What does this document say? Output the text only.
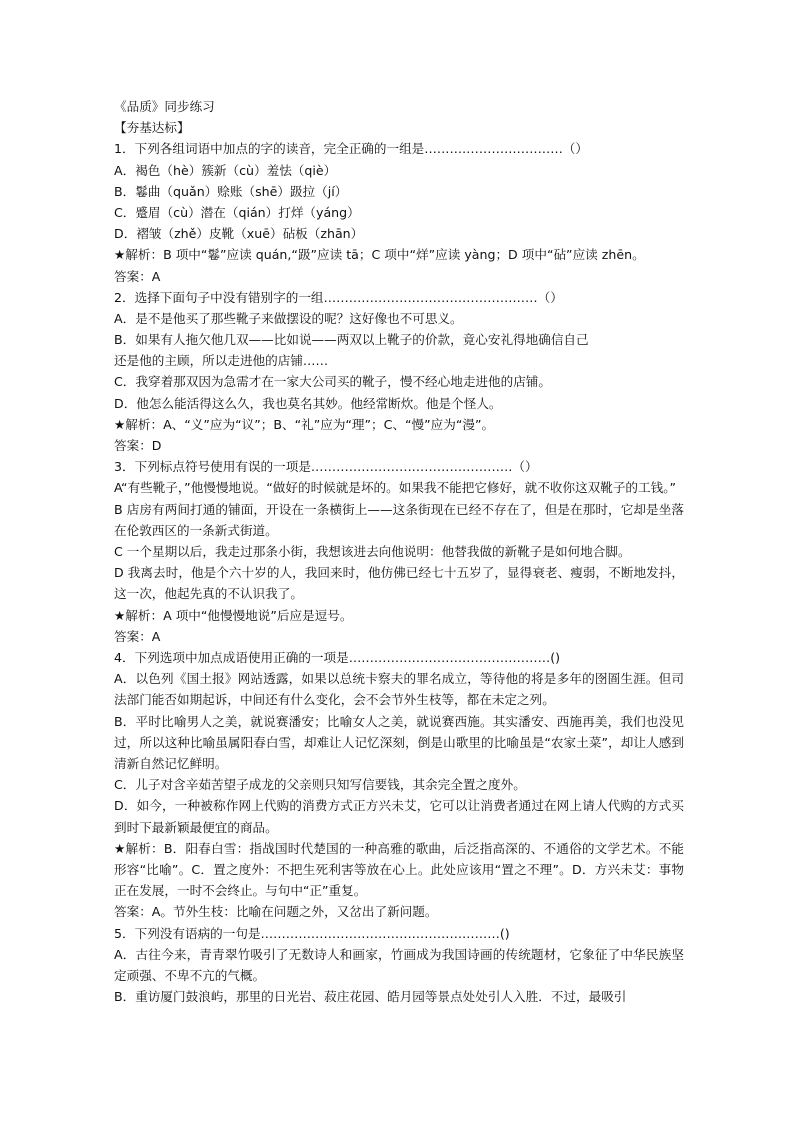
《品质》同步练习
【夯基达标】
1．下列各组词语中加点的字的读音，完全正确的一组是……………………………（）
A．褐色（hè）簇新（cù）羞怯（qiè）
B．鬈曲（quǎn）赊账（shē）趿拉（jí）
C．蹙眉（cù）潜在（qián）打烊（yáng）
D．褶皱（zhě）皮靴（xuē）砧板（zhān）
★解析：B 项中“鬈”应读 quán,“趿”应读 tā；C 项中“烊”应读 yàng；D 项中“砧”应读 zhēn。
答案：A
2．选择下面句子中没有错别字的一组……………………………………………（）
A．是不是他买了那些靴子来做摆设的呢？这好像也不可思义。
B．如果有人拖欠他几双——比如说——两双以上靴子的价款，竟心安礼得地确信自己
还是他的主顾，所以走进他的店铺……
C．我穿着那双因为急需才在一家大公司买的靴子，慢不经心地走进他的店铺。
D．他怎么能活得这么久，我也莫名其妙。他经常断炊。他是个怪人。
★解析：A、“义”应为“议”；B、“礼”应为“理”；C、“慢”应为“漫”。
答案：D
3．下列标点符号使用有误的一项是…………………………………………（）
A“有些靴子，”他慢慢地说。“做好的时候就是坏的。如果我不能把它修好，就不收你这双靴子的工钱。”
B 店房有两间打通的铺面，开设在一条横街上——这条街现在已经不存在了，但是在那时，它却是坐落在伦敦西区的一条新式街道。
C 一个星期以后，我走过那条小街，我想该进去向他说明：他替我做的新靴子是如何地合脚。
D 我离去时，他是个六十岁的人，我回来时，他仿佛已经七十五岁了，显得衰老、瘦弱，不断地发抖，这一次，他起先真的不认识我了。
★解析：A 项中“他慢慢地说”后应是逗号。
答案：A
4．下列选项中加点成语使用正确的一项是…………………………………………()
A．以色列《国土报》网站透露，如果以总统卡察夫的罪名成立，等待他的将是多年的囹圄生涯。但司法部门能否如期起诉，中间还有什么变化，会不会节外生枝等，都在未定之列。
B．平时比喻男人之美，就说赛潘安；比喻女人之美，就说赛西施。其实潘安、西施再美，我们也没见过，所以这种比喻虽属阳春白雪，却难让人记忆深刻，倒是山歌里的比喻虽是“农家土菜”，却让人感到清新自然记忆鲜明。
C．儿子对含辛茹苦望子成龙的父亲则只知写信要钱，其余完全置之度外。
D．如今，一种被称作网上代购的消费方式正方兴未艾，它可以让消费者通过在网上请人代购的方式买到时下最新颖最便宜的商品。
★解析：B．阳春白雪：指战国时代楚国的一种高雅的歌曲，后泛指高深的、不通俗的文学艺术。不能形容“比喻”。C．置之度外：不把生死利害等放在心上。此处应该用“置之不理”。D．方兴未艾：事物正在发展，一时不会终止。与句中“正”重复。
答案：A。节外生枝：比喻在问题之外，又岔出了新问题。
5．下列没有语病的一句是…………………………………………………()
A．古往今来，青青翠竹吸引了无数诗人和画家，竹画成为我国诗画的传统题材，它象征了中华民族坚定顽强、不卑不亢的气概。
B．重访厦门鼓浪屿，那里的日光岩、菽庄花园、皓月园等景点处处引人入胜．不过，最吸引
